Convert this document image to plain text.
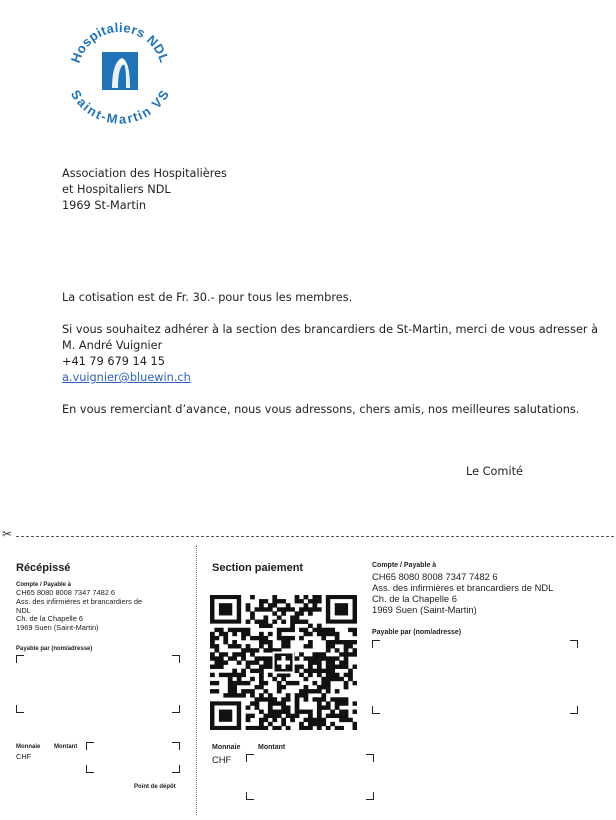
Hospitaliers NDL
Saint-Martin VS
Association des Hospitalières
et Hospitaliers NDL
1969 St-Martin

La cotisation est de Fr. 30.- pour tous les membres.

Si vous souhaitez adhérer à la section des brancardiers de St-Martin, merci de vous adresser à

M. André Vuignier

+41 79 679 14 15

a.vuignier@bluewin.ch

En vous remerciant d’avance, nous vous adressons, chers amis, nos meilleures salutations.

Le Comité
✂
Récépissé
Compte / Payable à
CH65 8080 8008 7347 7482 6
Ass. des infirmières et brancardiers de
NDL
Ch. de la Chapelle 6
1969 Suen (Saint-Martin)
Payable par (nom/adresse)
Monnaie Montant
CHF
Point de dépôt
Section paiement
Monnaie	Montant
CHF
Compte / Payable à
CH65 8080 8008 7347 7482 6
Ass. des infirmières et brancardiers de NDL
Ch. de la Chapelle 6
1969 Suen (Saint-Martin)
Payable par (nom/adresse)
